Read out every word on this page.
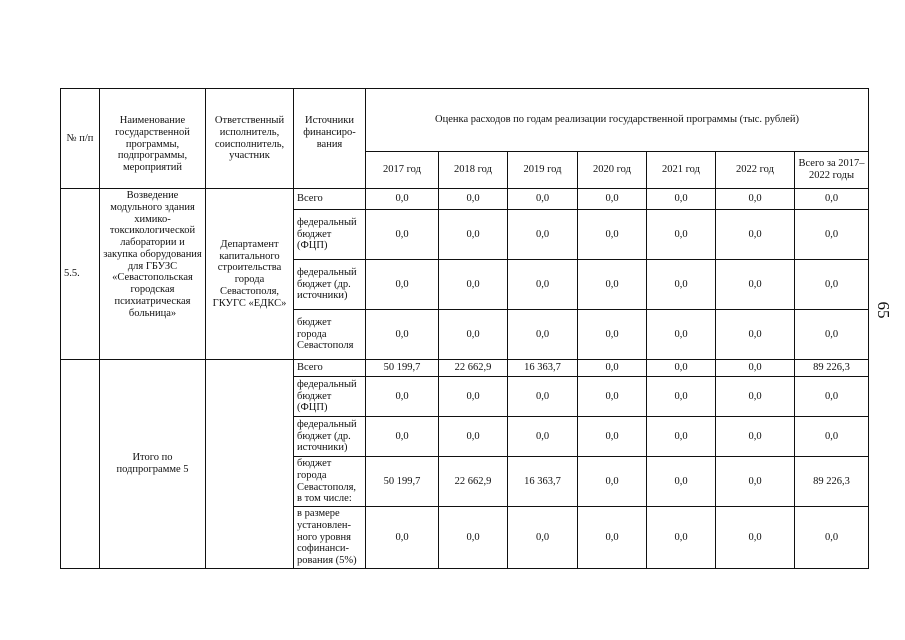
65
№ п/п	Наименование государственной программы, подпрограммы, мероприятий	Ответственный исполнитель, соисполнитель, участник	Источники финансиро-вания	Оценка расходов по годам реализации государственной программы (тыс. рублей)						
				2017 год	2018 год	2019 год	2020 год	2021 год	2022 год	Всего за 2017–2022 годы
5.5.	Возведение модульного здания химико-токсикологической лаборатории и закупка оборудования для ГБУЗС «Севастопольская городская психиатрическая больница»	Департамент капитального строительства города Севастополя, ГКУГС «ЕДКС»	Всего	0,0	0,0	0,0	0,0	0,0	0,0	0,0
			федеральный бюджет (ФЦП)	0,0	0,0	0,0	0,0	0,0	0,0	0,0
			федеральный бюджет (др. источники)	0,0	0,0	0,0	0,0	0,0	0,0	0,0
			бюджет города Севастополя	0,0	0,0	0,0	0,0	0,0	0,0	0,0
	Итого по подпрограмме 5		Всего	50 199,7	22 662,9	16 363,7	0,0	0,0	0,0	89 226,3
			федеральный бюджет (ФЦП)	0,0	0,0	0,0	0,0	0,0	0,0	0,0
			федеральный бюджет (др. источники)	0,0	0,0	0,0	0,0	0,0	0,0	0,0
			бюджет города Севастополя, в том числе:	50 199,7	22 662,9	16 363,7	0,0	0,0	0,0	89 226,3
			в размере установлен-ного уровня софинанси-рования (5%)	0,0	0,0	0,0	0,0	0,0	0,0	0,0
